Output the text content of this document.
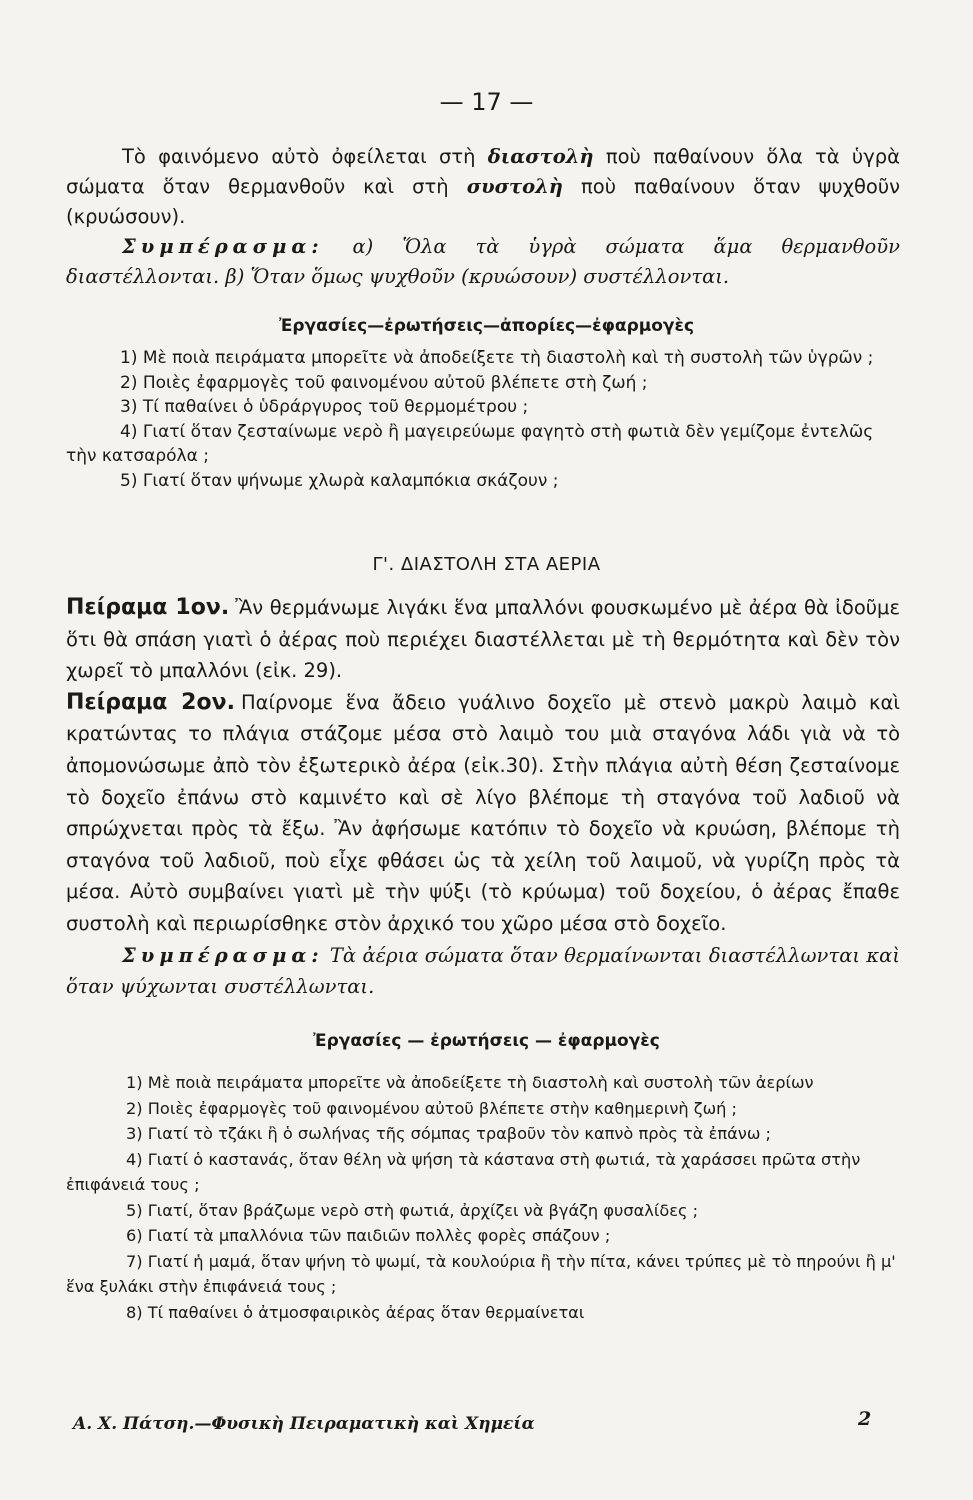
— 17 —

Τὸ φαινόμενο αὐτὸ ὀφείλεται στὴ διαστολὴ ποὺ παθαίνουν ὅλα τὰ ὑγρὰ σώματα ὅταν θερμανθοῦν καὶ στὴ συστολὴ ποὺ παθαίνουν ὅταν ψυχθοῦν (κρυώσουν).

Συμπέρασμα: α) Ὅλα τὰ ὑγρὰ σώματα ἅμα θερμανθοῦν διαστέλλονται. β) Ὅταν ὅμως ψυχθοῦν (κρυώσουν) συστέλλονται.

Ἐργασίες—ἐρωτήσεις—ἀπορίες—ἐφαρμογὲς

1) Μὲ ποιὰ πειράματα μπορεῖτε νὰ ἀποδείξετε τὴ διαστολὴ καὶ τὴ συστολὴ τῶν ὑγρῶν ;

2) Ποιὲς ἐφαρμογὲς τοῦ φαινομένου αὐτοῦ βλέπετε στὴ ζωή ;

3) Τί παθαίνει ὁ ὑδράργυρος τοῦ θερμομέτρου ;

4) Γιατί ὅταν ζεσταίνωμε νερὸ ἢ μαγειρεύωμε φαγητὸ στὴ φωτιὰ δὲν γεμίζομε ἐντελῶς τὴν κατσαρόλα ;

5) Γιατί ὅταν ψήνωμε χλωρὰ καλαμπόκια σκάζουν ;

Γ'. ΔΙΑΣΤΟΛΗ ΣΤΑ ΑΕΡΙΑ

Πείραμα 1ον. Ἂν θερμάνωμε λιγάκι ἕνα μπαλλόνι φουσκωμένο μὲ ἀέρα θὰ ἰδοῦμε ὅτι θὰ σπάση γιατὶ ὁ ἀέρας ποὺ περιέχει διαστέλλεται μὲ τὴ θερμότητα καὶ δὲν τὸν χωρεῖ τὸ μπαλλόνι (εἰκ. 29).

Πείραμα 2ον. Παίρνομε ἕνα ἄδειο γυάλινο δοχεῖο μὲ στενὸ μακρὺ λαιμὸ καὶ κρατώντας το πλάγια στάζομε μέσα στὸ λαιμὸ του μιὰ σταγόνα λάδι γιὰ νὰ τὸ ἀπομονώσωμε ἀπὸ τὸν ἐξωτερικὸ ἀέρα (εἰκ.30). Στὴν πλάγια αὐτὴ θέση ζεσταίνομε τὸ δοχεῖο ἐπάνω στὸ καμινέτο καὶ σὲ λίγο βλέπομε τὴ σταγόνα τοῦ λαδιοῦ νὰ σπρώχνεται πρὸς τὰ ἔξω. Ἂν ἀφήσωμε κατόπιν τὸ δοχεῖο νὰ κρυώση, βλέπομε τὴ σταγόνα τοῦ λαδιοῦ, ποὺ εἶχε φθάσει ὡς τὰ χείλη τοῦ λαιμοῦ, νὰ γυρίζη πρὸς τὰ μέσα. Αὐτὸ συμβαίνει γιατὶ μὲ τὴν ψύξι (τὸ κρύωμα) τοῦ δοχείου, ὁ ἀέρας ἔπαθε συστολὴ καὶ περιωρίσθηκε στὸν ἀρχικό του χῶρο μέσα στὸ δοχεῖο.

Συμπέρασμα: Τὰ ἀέρια σώματα ὅταν θερμαίνωνται διαστέλλωνται καὶ ὅταν ψύχωνται συστέλλωνται.

Ἐργασίες — ἐρωτήσεις — ἐφαρμογὲς

1) Μὲ ποιὰ πειράματα μπορεῖτε νὰ ἀποδείξετε τὴ διαστολὴ καὶ συστολὴ τῶν ἀερίων

2) Ποιὲς ἐφαρμογὲς τοῦ φαινομένου αὐτοῦ βλέπετε στὴν καθημερινὴ ζωή ;

3) Γιατί τὸ τζάκι ἢ ὁ σωλήνας τῆς σόμπας τραβοῦν τὸν καπνὸ πρὸς τὰ ἐπάνω ;

4) Γιατί ὁ καστανάς, ὅταν θέλη νὰ ψήση τὰ κάστανα στὴ φωτιά, τὰ χαράσσει πρῶτα στὴν ἐπιφάνειά τους ;

5) Γιατί, ὅταν βράζωμε νερὸ στὴ φωτιά, ἀρχίζει νὰ βγάζη φυσαλίδες ;

6) Γιατί τὰ μπαλλόνια τῶν παιδιῶν πολλὲς φορὲς σπάζουν ;

7) Γιατί ἡ μαμά, ὅταν ψήνη τὸ ψωμί, τὰ κουλούρια ἢ τὴν πίτα, κάνει τρύπες μὲ τὸ πηρούνι ἢ μ' ἕνα ξυλάκι στὴν ἐπιφάνειά τους ;

8) Τί παθαίνει ὁ ἀτμοσφαιρικὸς ἀέρας ὅταν θερμαίνεται

Α. Χ. Πάτση.—Φυσικὴ Πειραματικὴ καὶ Χημεία	2
